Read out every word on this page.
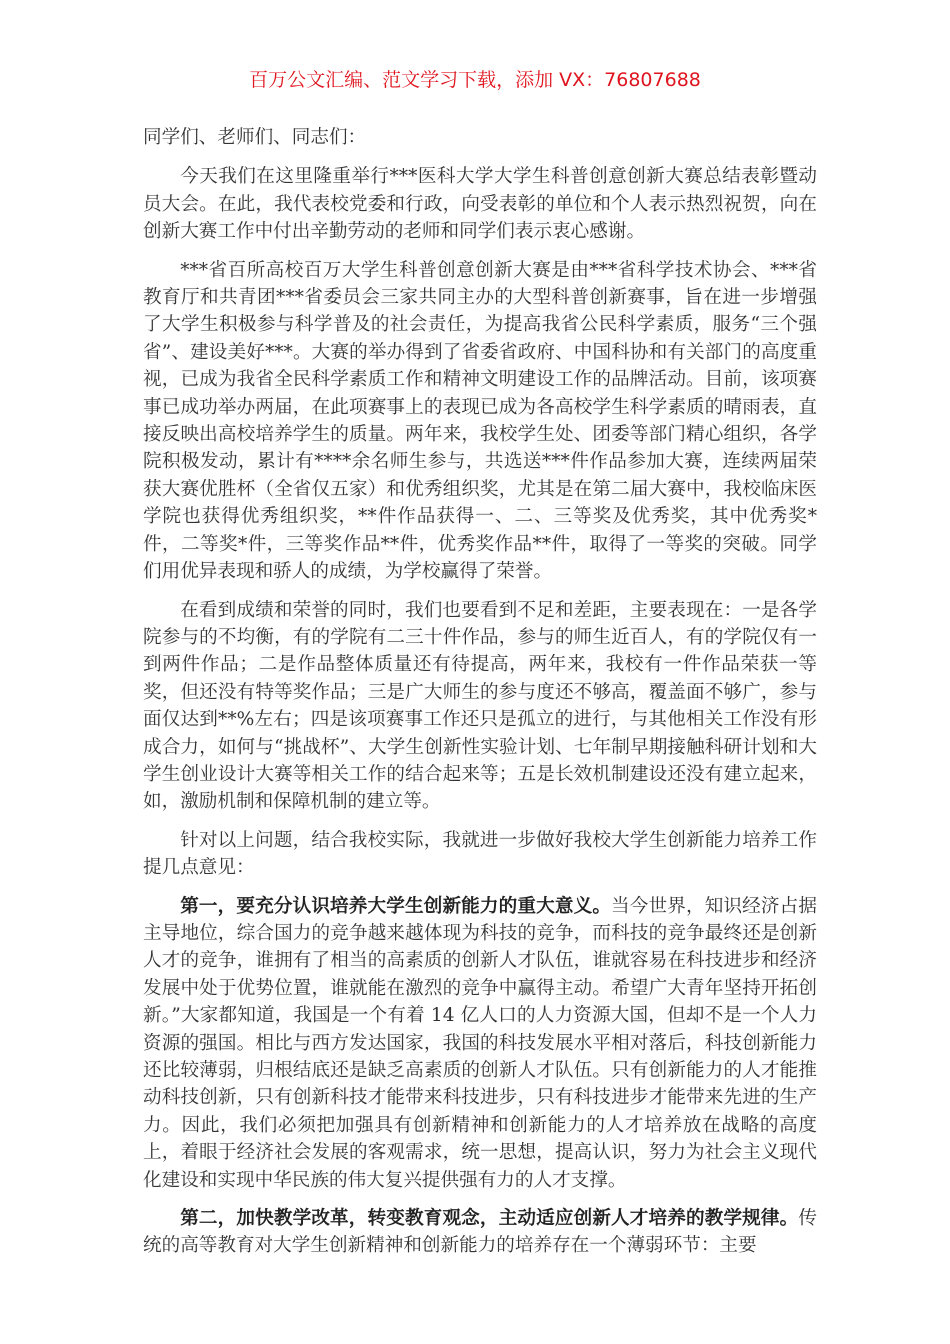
百万公文汇编、范文学习下载，添加 VX：76807688

同学们、老师们、同志们：

今天我们在这里隆重举行***医科大学大学生科普创意创新大赛总结表彰暨动员大会。在此，我代表校党委和行政，向受表彰的单位和个人表示热烈祝贺，向在创新大赛工作中付出辛勤劳动的老师和同学们表示衷心感谢。

***省百所高校百万大学生科普创意创新大赛是由***省科学技术协会、***省教育厅和共青团***省委员会三家共同主办的大型科普创新赛事，旨在进一步增强了大学生积极参与科学普及的社会责任，为提高我省公民科学素质，服务“三个强省”、建设美好***。大赛的举办得到了省委省政府、中国科协和有关部门的高度重视，已成为我省全民科学素质工作和精神文明建设工作的品牌活动。目前，该项赛事已成功举办两届，在此项赛事上的表现已成为各高校学生科学素质的晴雨表，直接反映出高校培养学生的质量。两年来，我校学生处、团委等部门精心组织，各学院积极发动，累计有****余名师生参与，共选送***件作品参加大赛，连续两届荣获大赛优胜杯（全省仅五家）和优秀组织奖，尤其是在第二届大赛中，我校临床医学院也获得优秀组织奖，**件作品获得一、二、三等奖及优秀奖，其中优秀奖*件，二等奖*件，三等奖作品**件，优秀奖作品**件，取得了一等奖的突破。同学们用优异表现和骄人的成绩，为学校赢得了荣誉。

在看到成绩和荣誉的同时，我们也要看到不足和差距，主要表现在：一是各学院参与的不均衡，有的学院有二三十件作品，参与的师生近百人，有的学院仅有一到两件作品；二是作品整体质量还有待提高，两年来，我校有一件作品荣获一等奖，但还没有特等奖作品；三是广大师生的参与度还不够高，覆盖面不够广，参与面仅达到**%左右；四是该项赛事工作还只是孤立的进行，与其他相关工作没有形成合力，如何与“挑战杯”、大学生创新性实验计划、七年制早期接触科研计划和大学生创业设计大赛等相关工作的结合起来等；五是长效机制建设还没有建立起来，如，激励机制和保障机制的建立等。

针对以上问题，结合我校实际，我就进一步做好我校大学生创新能力培养工作提几点意见：

第一，要充分认识培养大学生创新能力的重大意义。当今世界，知识经济占据主导地位，综合国力的竞争越来越体现为科技的竞争，而科技的竞争最终还是创新人才的竞争，谁拥有了相当的高素质的创新人才队伍，谁就容易在科技进步和经济发展中处于优势位置，谁就能在激烈的竞争中赢得主动。希望广大青年坚持开拓创新。”大家都知道，我国是一个有着 14 亿人口的人力资源大国，但却不是一个人力资源的强国。相比与西方发达国家，我国的科技发展水平相对落后，科技创新能力还比较薄弱，归根结底还是缺乏高素质的创新人才队伍。只有创新能力的人才能推动科技创新，只有创新科技才能带来科技进步，只有科技进步才能带来先进的生产力。因此，我们必须把加强具有创新精神和创新能力的人才培养放在战略的高度上，着眼于经济社会发展的客观需求，统一思想，提高认识，努力为社会主义现代化建设和实现中华民族的伟大复兴提供强有力的人才支撑。

第二，加快教学改革，转变教育观念，主动适应创新人才培养的教学规律。传统的高等教育对大学生创新精神和创新能力的培养存在一个薄弱环节：主要
